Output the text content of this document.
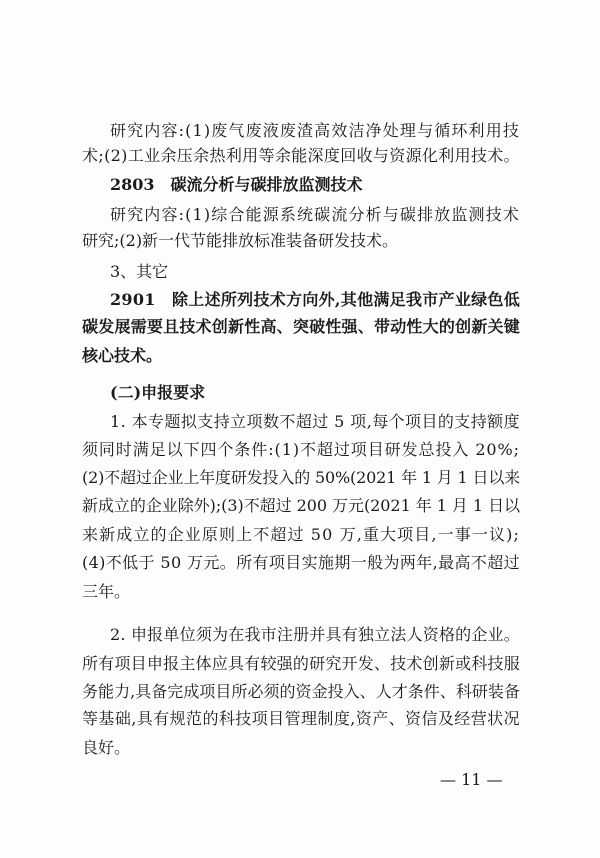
研究内容:(1)废气废液废渣高效洁净处理与循环利用技
术;(2)工业余压余热利用等余能深度回收与资源化利用技术。
2803　碳流分析与碳排放监测技术
研究内容:(1)综合能源系统碳流分析与碳排放监测技术
研究;(2)新一代节能排放标准装备研发技术。
3、其它
2901　除上述所列技术方向外,其他满足我市产业绿色低
碳发展需要且技术创新性高、突破性强、带动性大的创新关键
核心技术。
(二)申报要求
1. 本专题拟支持立项数不超过 5 项,每个项目的支持额度
须同时满足以下四个条件:(1)不超过项目研发总投入 20%;
(2)不超过企业上年度研发投入的 50%(2021 年 1 月 1 日以来
新成立的企业除外);(3)不超过 200 万元(2021 年 1 月 1 日以
来新成立的企业原则上不超过 50 万,重大项目,一事一议);
(4)不低于 50 万元。所有项目实施期一般为两年,最高不超过
三年。
2. 申报单位须为在我市注册并具有独立法人资格的企业。
所有项目申报主体应具有较强的研究开发、技术创新或科技服
务能力,具备完成项目所必须的资金投入、人才条件、科研装备
等基础,具有规范的科技项目管理制度,资产、资信及经营状况
良好。
— 11 —
